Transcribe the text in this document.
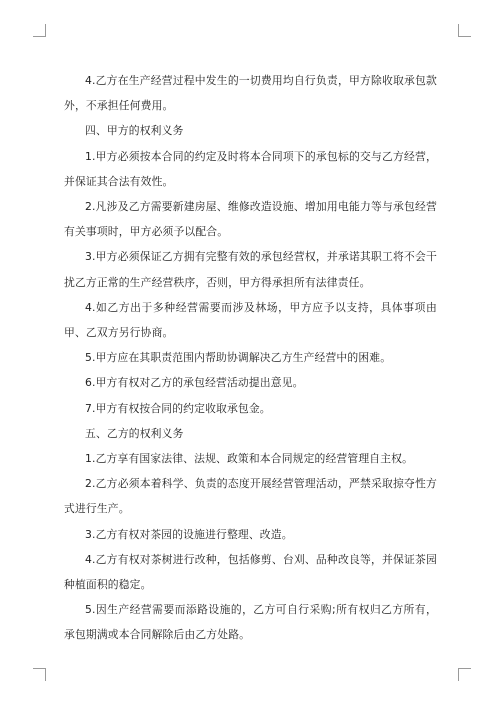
4.乙方在生产经营过程中发生的一切费用均自行负责，甲方除收取承包款外，不承担任何费用。

四、甲方的权利义务

1.甲方必须按本合同的约定及时将本合同项下的承包标的交与乙方经营，并保证其合法有效性。

2.凡涉及乙方需要新建房屋、维修改造设施、增加用电能力等与承包经营有关事项时，甲方必须予以配合。

3.甲方必须保证乙方拥有完整有效的承包经营权，并承诺其职工将不会干扰乙方正常的生产经营秩序，否则，甲方得承担所有法律责任。

4.如乙方出于多种经营需要而涉及林场，甲方应予以支持，具体事项由甲、乙双方另行协商。

5.甲方应在其职责范围内帮助协调解决乙方生产经营中的困难。

6.甲方有权对乙方的承包经营活动提出意见。

7.甲方有权按合同的约定收取承包金。

五、乙方的权利义务

1.乙方享有国家法律、法规、政策和本合同规定的经营管理自主权。

2.乙方必须本着科学、负责的态度开展经营管理活动，严禁采取掠夺性方式进行生产。

3.乙方有权对茶园的设施进行整理、改造。

4.乙方有权对茶树进行改种，包括修剪、台刈、品种改良等，并保证茶园种植面积的稳定。

5.因生产经营需要而添路设施的，乙方可自行采购;所有权归乙方所有，承包期满或本合同解除后由乙方处路。
